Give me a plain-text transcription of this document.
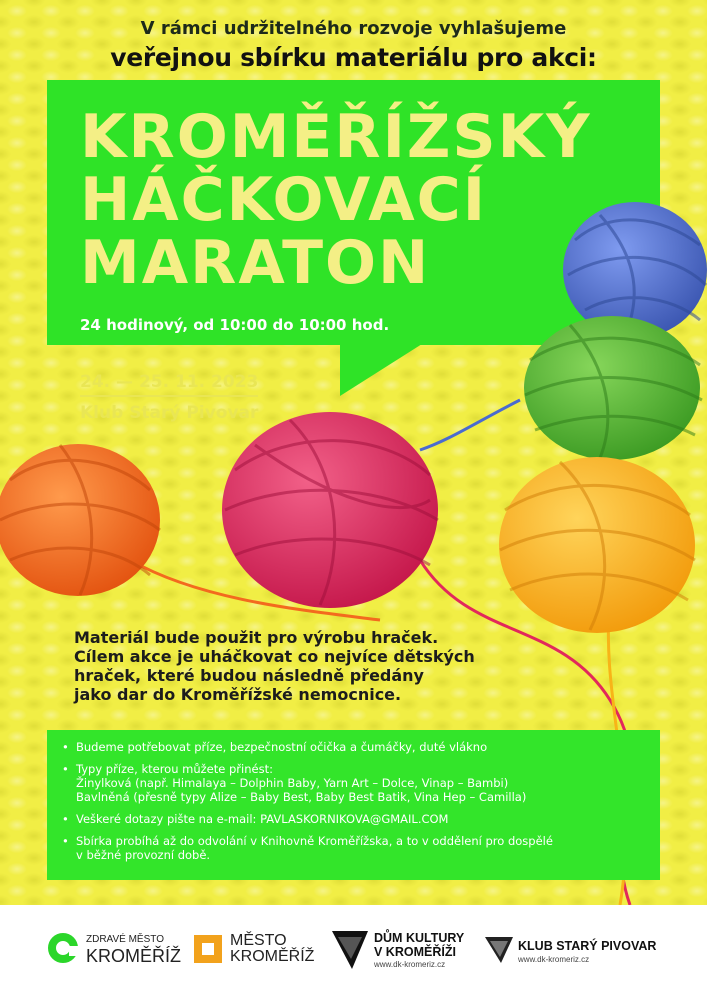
V rámci udržitelného rozvoje vyhlašujeme
veřejnou sbírku materiálu pro akci:
KROMĚŘÍŽSKÝ
HÁČKOVACÍ
MARATON
24 hodinový, od 10:00 do 10:00 hod.
24. — 25. 11. 2023
Klub Starý Pivovar
Materiál bude použit pro výrobu hraček.
Cílem akce je uháčkovat co nejvíce dětských
hraček, které budou následně předány
jako dar do Kroměřížské nemocnice.
• Budeme potřebovat příze, bezpečnostní očička a čumáčky, duté vlákno
• Typy příze, kterou můžete přinést:
Žinylková (např. Himalaya – Dolphin Baby, Yarn Art – Dolce, Vinap – Bambi)
Bavlněná (přesně typy Alize – Baby Best, Baby Best Batik, Vina Hep – Camilla)
• Veškeré dotazy pište na e-mail: PAVLASKORNIKOVA@GMAIL.COM
• Sbírka probíhá až do odvolání v Knihovně Kroměřížska, a to v oddělení pro dospělé
v běžné provozní době.
ZDRAVÉ MĚSTO
KROMĚŘÍŽ
MĚSTO
KROMĚŘÍŽ
DŮM KULTURY
V KROMĚŘÍŽI
www.dk-kromeriz.cz
KLUB STARÝ PIVOVAR
www.dk-kromeriz.cz
